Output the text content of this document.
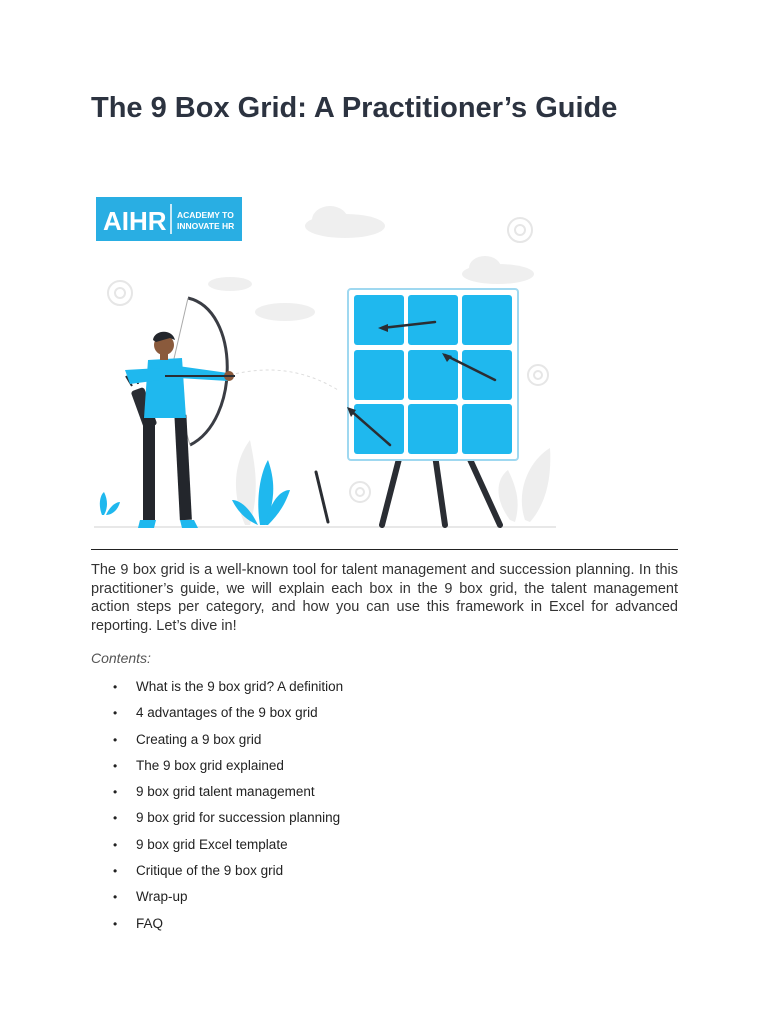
The 9 Box Grid: A Practitioner’s Guide
AIHR ACADEMY TO
INNOVATE HR

The 9 box grid is a well-known tool for talent management and succession planning. In this practitioner’s guide, we will explain each box in the 9 box grid, the talent management action steps per category, and how you can use this framework in Excel for advanced reporting. Let’s dive in!

Contents:

• What is the 9 box grid? A definition
• 4 advantages of the 9 box grid
• Creating a 9 box grid
• The 9 box grid explained
• 9 box grid talent management
• 9 box grid for succession planning
• 9 box grid Excel template
• Critique of the 9 box grid
• Wrap-up
• FAQ
